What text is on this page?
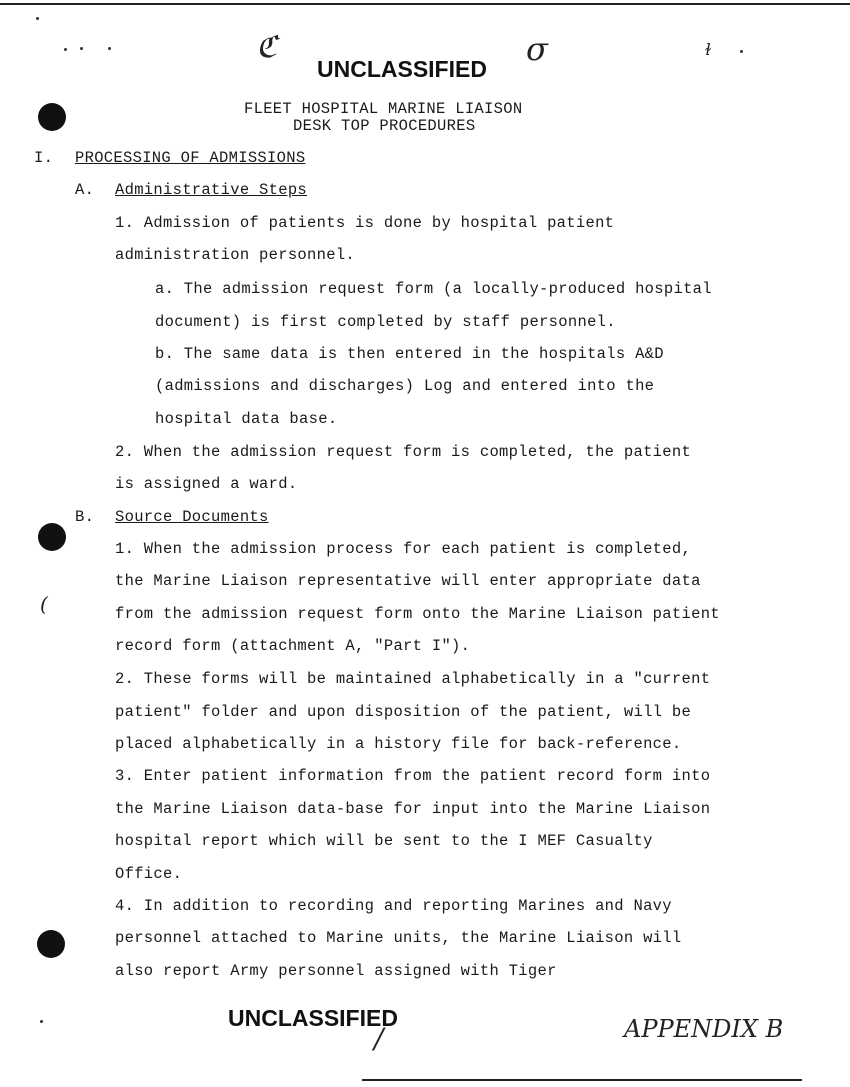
ℭ	σ	ɫ
UNCLASSIFIED
(
FLEET HOSPITAL MARINE LIAISON
DESK TOP PROCEDURES
I. PROCESSING OF ADMISSIONS
A. Administrative Steps
1. Admission of patients is done by hospital patient
administration personnel.
a. The admission request form (a locally-produced hospital
document) is first completed by staff personnel.
b. The same data is then entered in the hospitals A&D
(admissions and discharges) Log and entered into the
hospital data base.
2. When the admission request form is completed, the patient
is assigned a ward.
B. Source Documents
1. When the admission process for each patient is completed,
the Marine Liaison representative will enter appropriate data
from the admission request form onto the Marine Liaison patient
record form (attachment A, "Part I").
2. These forms will be maintained alphabetically in a "current
patient" folder and upon disposition of the patient, will be
placed alphabetically in a history file for back-reference.
3. Enter patient information from the patient record form into
the Marine Liaison data-base for input into the Marine Liaison
hospital report which will be sent to the I MEF Casualty
Office.
4. In addition to recording and reporting Marines and Navy
personnel attached to Marine units, the Marine Liaison will
also report Army personnel assigned with Tiger
UNCLASSIFIED
/	APPENDIX B
